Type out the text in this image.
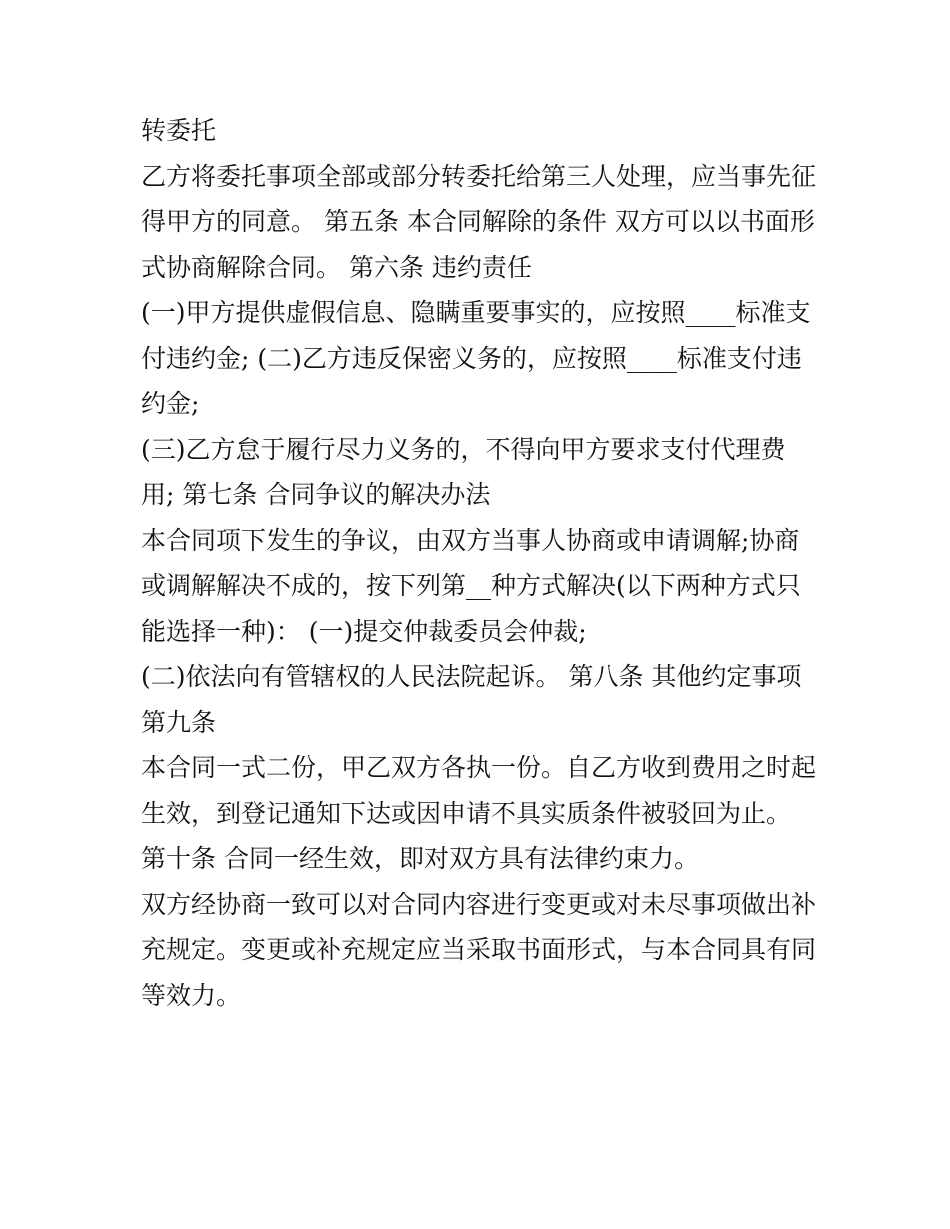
转委托
乙方将委托事项全部或部分转委托给第三人处理，应当事先征
得甲方的同意。 第五条 本合同解除的条件 双方可以以书面形
式协商解除合同。 第六条 违约责任
(一)甲方提供虚假信息、隐瞒重要事实的，应按照____标准支
付违约金; (二)乙方违反保密义务的，应按照____标准支付违
约金;
(三)乙方怠于履行尽力义务的，不得向甲方要求支付代理费
用; 第七条 合同争议的解决办法
本合同项下发生的争议，由双方当事人协商或申请调解;协商
或调解解决不成的，按下列第__种方式解决(以下两种方式只
能选择一种)： (一)提交仲裁委员会仲裁;
(二)依法向有管辖权的人民法院起诉。 第八条 其他约定事项
第九条
本合同一式二份，甲乙双方各执一份。自乙方收到费用之时起
生效，到登记通知下达或因申请不具实质条件被驳回为止。
第十条 合同一经生效，即对双方具有法律约束力。
双方经协商一致可以对合同内容进行变更或对未尽事项做出补
充规定。变更或补充规定应当采取书面形式，与本合同具有同
等效力。
